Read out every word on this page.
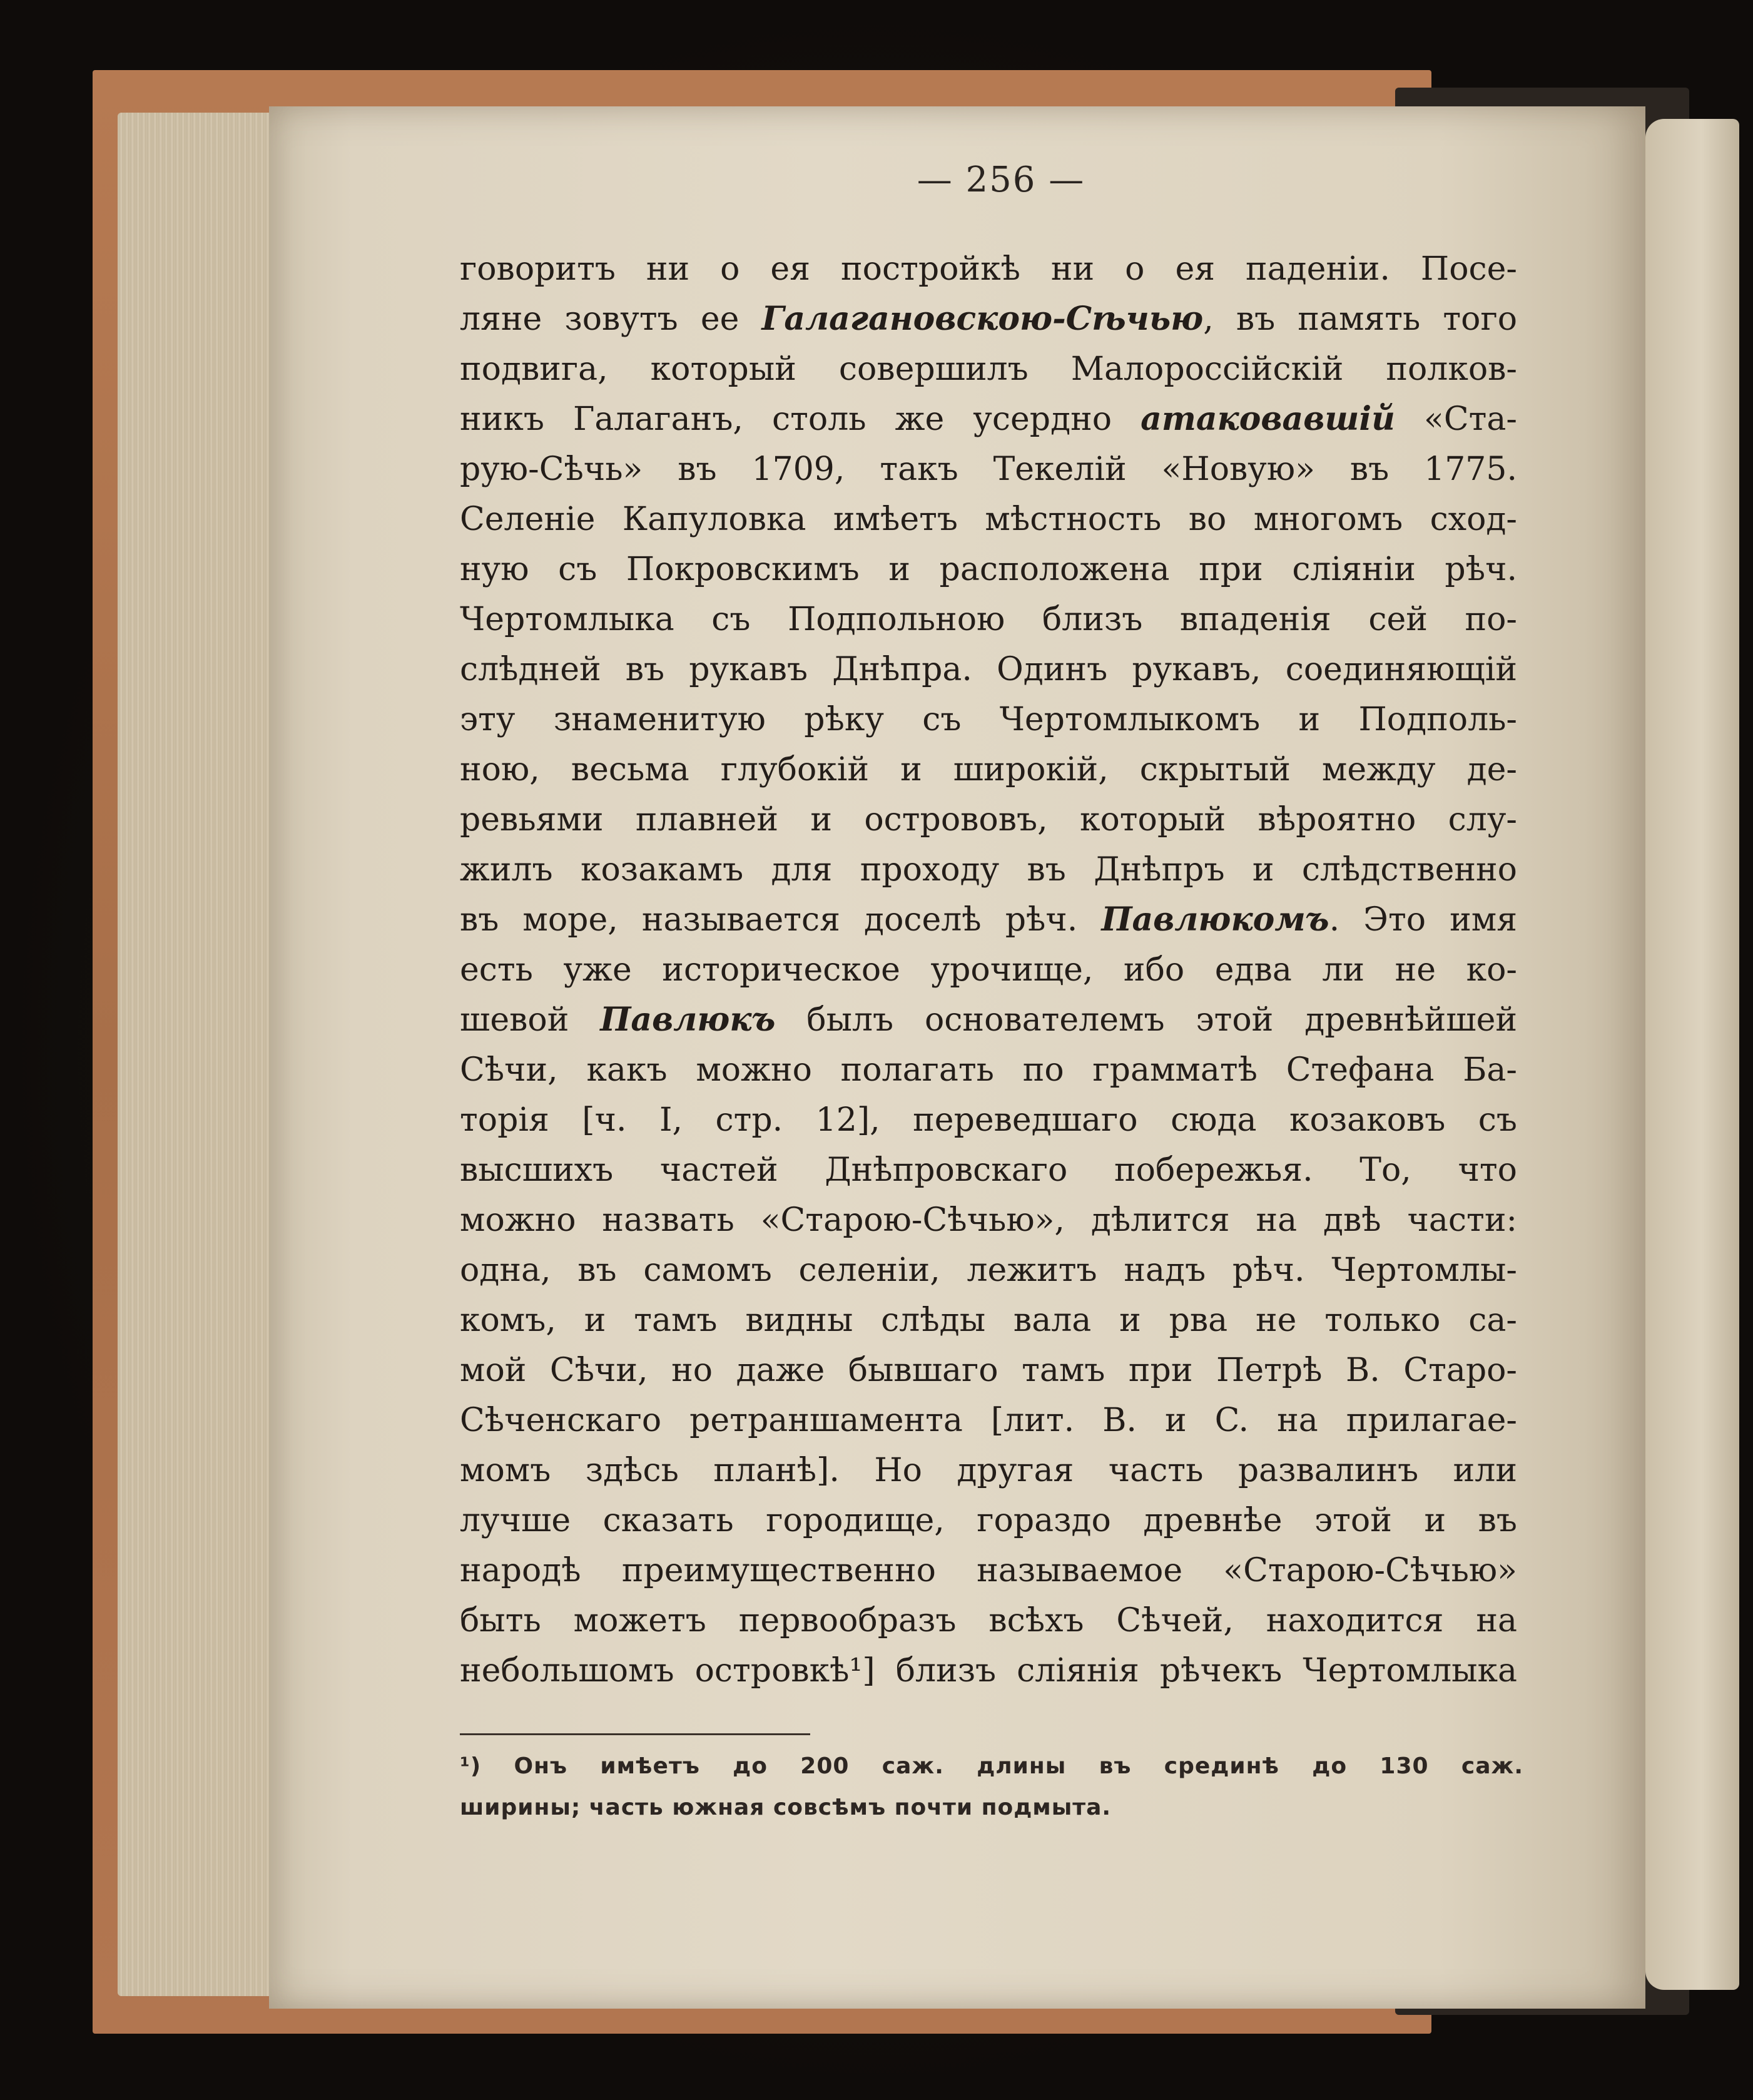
— 256 —
говоритъ ни о ея постройкѣ ни о ея паденіи. Посе-
ляне зовутъ ее Галагановскою-Сѣчью, въ память того
подвига, который совершилъ Малороссійскій полков-
никъ Галаганъ, столь же усердно атаковавшій «Ста-
рую-Сѣчь» въ 1709, такъ Текелій «Новую» въ 1775.
Селеніе Капуловка имѣетъ мѣстность во многомъ сход-
ную съ Покровскимъ и расположена при сліяніи рѣч.
Чертомлыка съ Подпольною близъ впаденія сей по-
слѣдней въ рукавъ Днѣпра. Одинъ рукавъ, соединяющій
эту знаменитую рѣку съ Чертомлыкомъ и Подполь-
ною, весьма глубокій и широкій, скрытый между де-
ревьями плавней и острововъ, который вѣроятно слу-
жилъ козакамъ для проходу въ Днѣпръ и слѣдственно
въ море, называется доселѣ рѣч. Павлюкомъ. Это имя
есть уже историческое урочище, ибо едва ли не ко-
шевой Павлюкъ былъ основателемъ этой древнѣйшей
Сѣчи, какъ можно полагать по грамматѣ Стефана Ба-
торія [ч. I, стр. 12], переведшаго сюда козаковъ съ
высшихъ частей Днѣпровскаго побережья. То, что
можно назвать «Старою-Сѣчью», дѣлится на двѣ части:
одна, въ самомъ селеніи, лежитъ надъ рѣч. Чертомлы-
комъ, и тамъ видны слѣды вала и рва не только са-
мой Сѣчи, но даже бывшаго тамъ при Петрѣ В. Старо-
Сѣченскаго ретраншамента [лит. B. и C. на прилагае-
момъ здѣсь планѣ]. Но другая часть развалинъ или
лучше сказать городище, гораздо древнѣе этой и въ
народѣ преимущественно называемое «Старою-Сѣчью»
быть можетъ первообразъ всѣхъ Сѣчей, находится на
небольшомъ островкѣ¹] близъ сліянія рѣчекъ Чертомлыка
¹) Онъ имѣетъ до 200 саж. длины въ срединѣ до 130 саж.
ширины; часть южная совсѣмъ почти подмыта.
